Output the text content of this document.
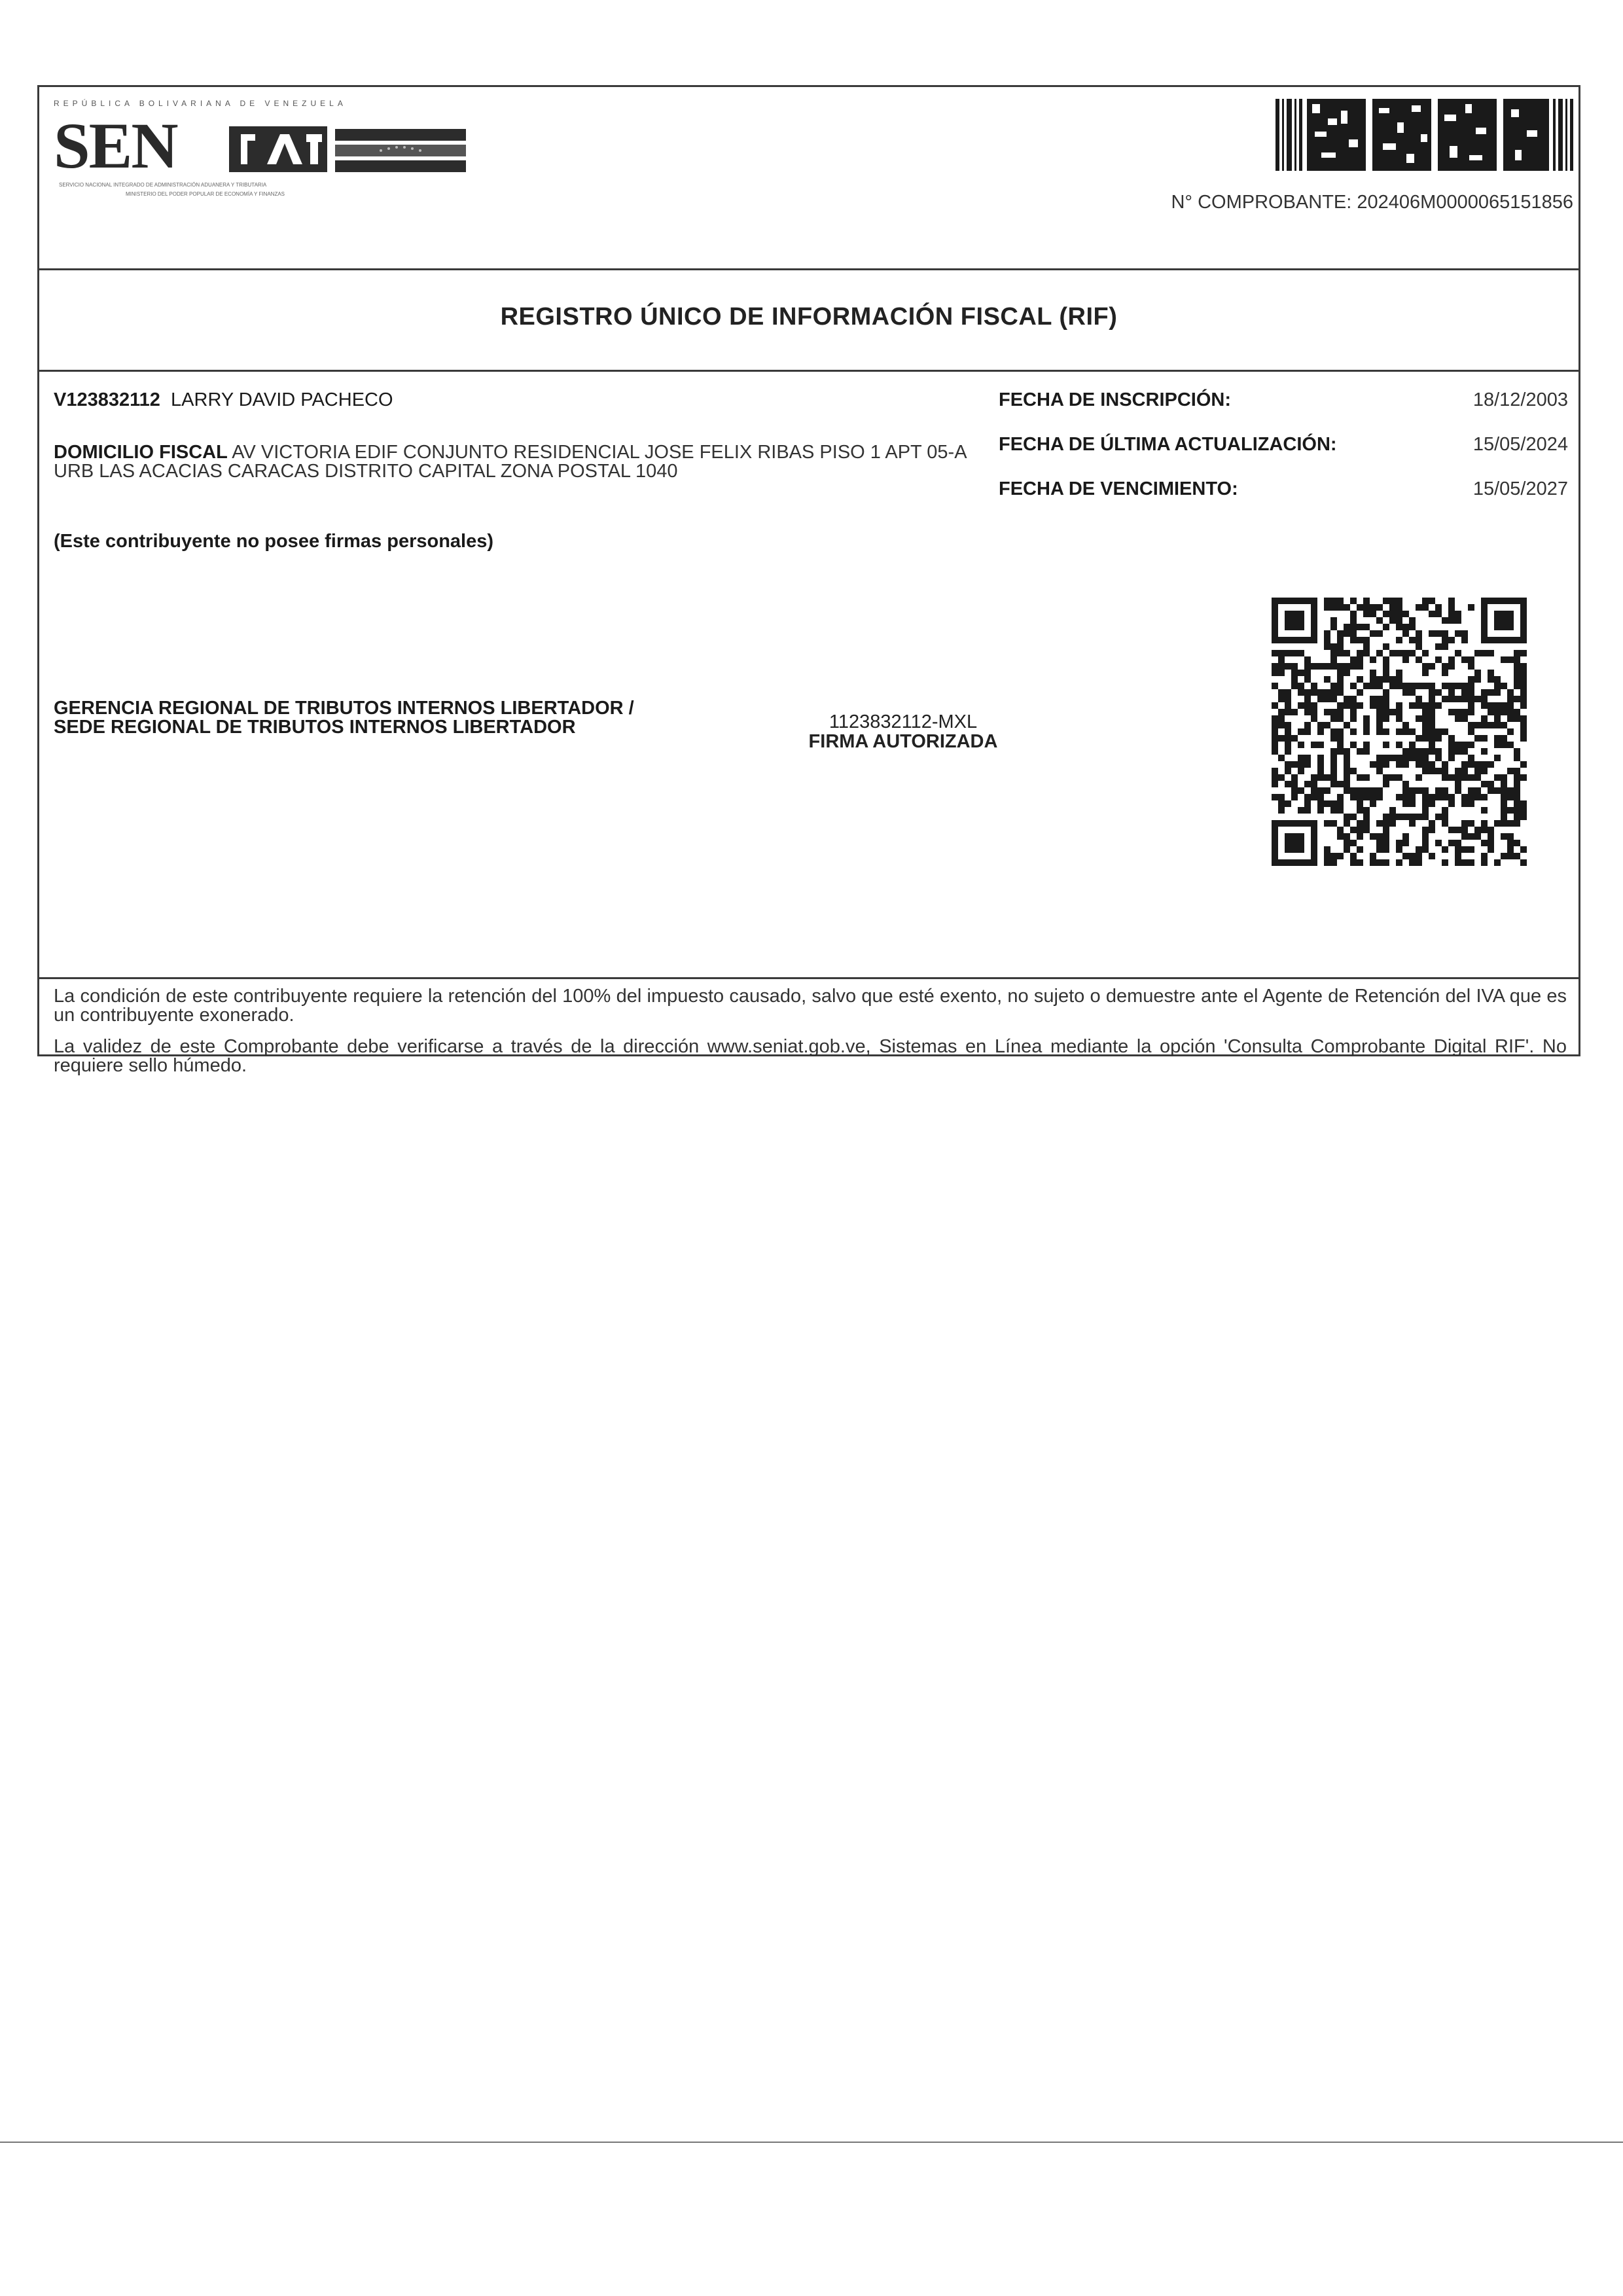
REPÚBLICA BOLIVARIANA DE VENEZUELA
SEN
SERVICIO NACIONAL INTEGRADO DE ADMINISTRACIÓN ADUANERA Y TRIBUTARIA
MINISTERIO DEL PODER POPULAR DE ECONOMÍA Y FINANZAS	N° COMPROBANTE: 202406M0000065151856
REGISTRO ÚNICO DE INFORMACIÓN FISCAL (RIF)
V123832112 LARRY DAVID PACHECO
DOMICILIO FISCAL AV VICTORIA EDIF CONJUNTO RESIDENCIAL JOSE FELIX RIBAS PISO 1 APT 05-A URB LAS ACACIAS CARACAS DISTRITO CAPITAL ZONA POSTAL 1040
(Este contribuyente no posee firmas personales)
FECHA DE INSCRIPCIÓN:	18/12/2003
FECHA DE ÚLTIMA ACTUALIZACIÓN:	15/05/2024
FECHA DE VENCIMIENTO:	15/05/2027
GERENCIA REGIONAL DE TRIBUTOS INTERNOS LIBERTADOR / SEDE REGIONAL DE TRIBUTOS INTERNOS LIBERTADOR	1123832112-MXL
FIRMA AUTORIZADA
La condición de este contribuyente requiere la retención del 100% del impuesto causado, salvo que esté exento, no sujeto o demuestre ante el Agente de Retención del IVA que es un contribuyente exonerado.
La validez de este Comprobante debe verificarse a través de la dirección www.seniat.gob.ve, Sistemas en Línea mediante la opción 'Consulta Comprobante Digital RIF'. No requiere sello húmedo.
